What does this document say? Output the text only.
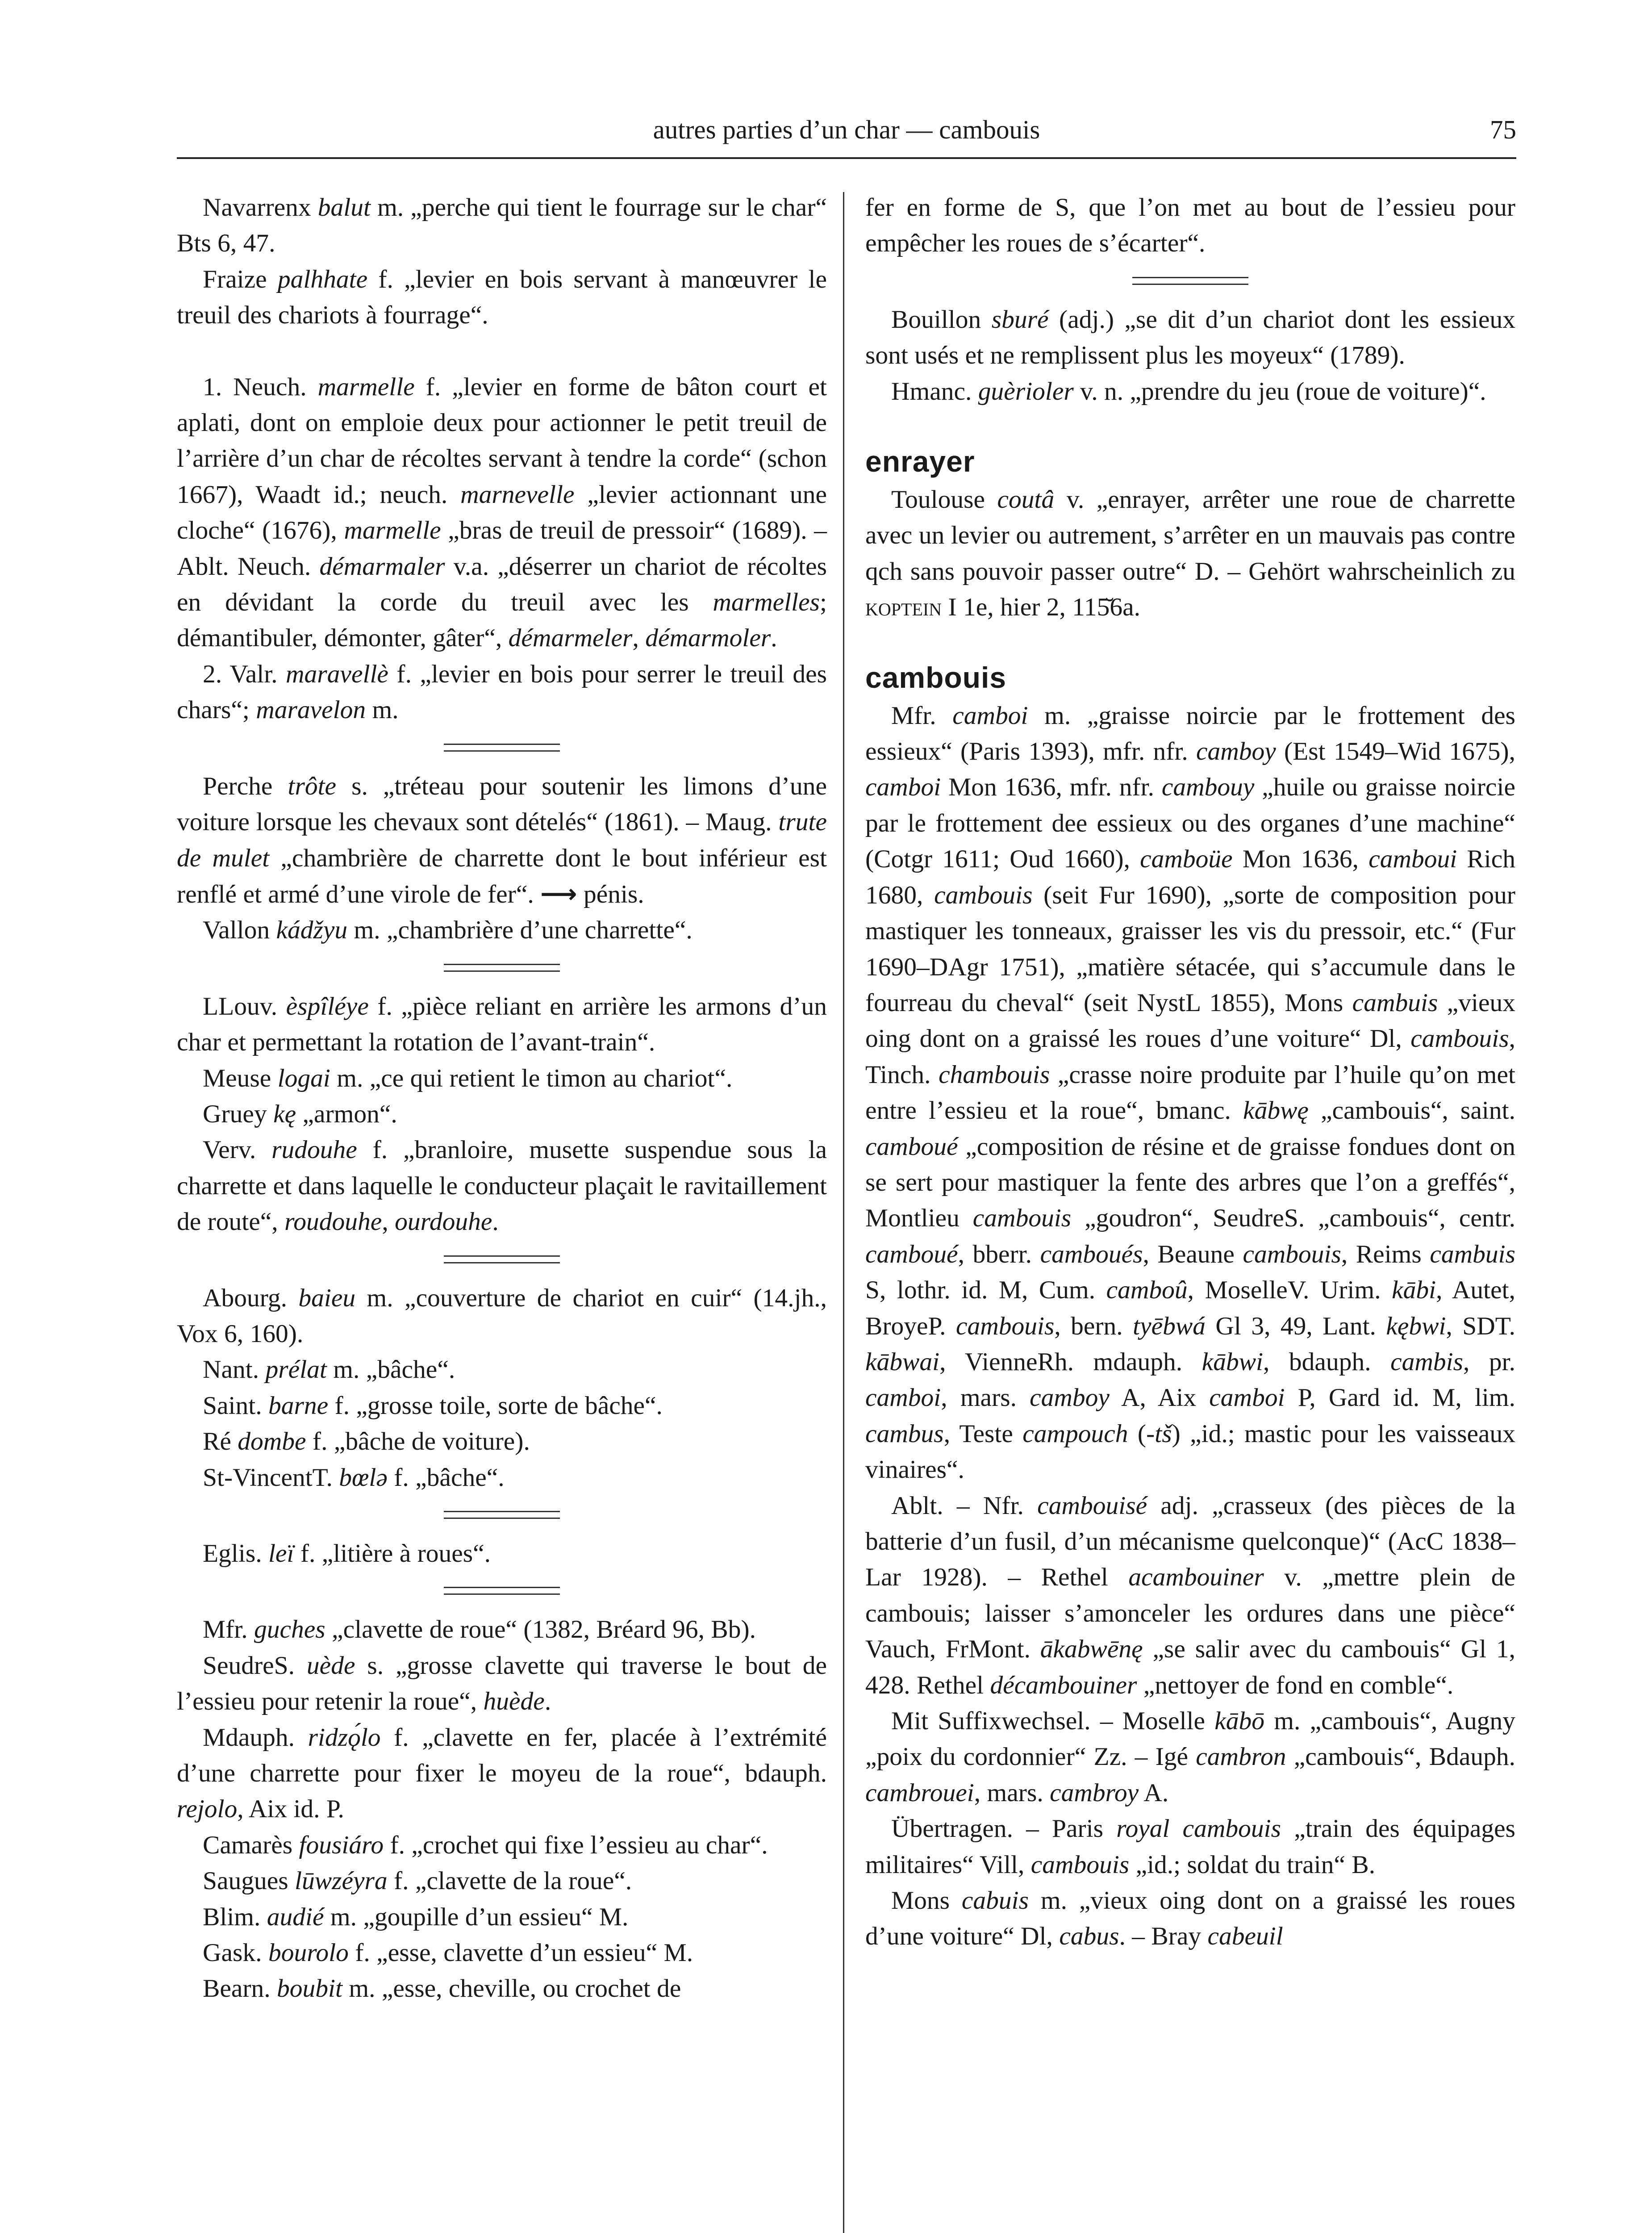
autres parties d’un char — cambouis	75

Navarrenx balut m. „perche qui tient le fourrage sur le char“ Bts 6, 47.

Fraize palhhate f. „levier en bois servant à manœuvrer le treuil des chariots à fourrage“.

1. Neuch. marmelle f. „levier en forme de bâton court et aplati, dont on emploie deux pour actionner le petit treuil de l’arrière d’un char de récoltes servant à tendre la corde“ (schon 1667), Waadt id.; neuch. marnevelle „levier actionnant une cloche“ (1676), marmelle „bras de treuil de pressoir“ (1689). – Ablt. Neuch. démarmaler v.a. „déserrer un chariot de récoltes en dévidant la corde du treuil avec les marmelles; démantibuler, démonter, gâter“, démarmeler, démarmoler.

2. Valr. maravellè f. „levier en bois pour serrer le treuil des chars“; maravelon m.

Perche trôte s. „tréteau pour soutenir les limons d’une voiture lorsque les chevaux sont dételés“ (1861). – Maug. trute de mulet „chambrière de charrette dont le bout inférieur est renflé et armé d’une virole de fer“. ⟶ pénis.

Vallon kádžyu m. „chambrière d’une charrette“.

LLouv. èspîléye f. „pièce reliant en arrière les armons d’un char et permettant la rotation de l’avant-train“.

Meuse logai m. „ce qui retient le timon au chariot“.

Gruey kę „armon“.

Verv. rudouhe f. „branloire, musette suspendue sous la charrette et dans laquelle le conducteur plaçait le ravitaillement de route“, roudouhe, ourdouhe.

Abourg. baieu m. „couverture de chariot en cuir“ (14.jh., Vox 6, 160).

Nant. prélat m. „bâche“.

Saint. barne f. „grosse toile, sorte de bâche“.

Ré dombe f. „bâche de voiture).

St-VincentT. bœlə f. „bâche“.

Eglis. leï f. „litière à roues“.

Mfr. guches „clavette de roue“ (1382, Bréard 96, Bb).

SeudreS. uède s. „grosse clavette qui traverse le bout de l’essieu pour retenir la roue“, huède.

Mdauph. ridzǫ́lo f. „clavette en fer, placée à l’extrémité d’une charrette pour fixer le moyeu de la roue“, bdauph. rejolo, Aix id. P.

Camarès fousiáro f. „crochet qui fixe l’essieu au char“.

Saugues lūwzéyra f. „clavette de la roue“.

Blim. audié m. „goupille d’un essieu“ M.

Gask. bourolo f. „esse, clavette d’un essieu“ M.

Bearn. boubit m. „esse, cheville, ou crochet de

fer en forme de S, que l’on met au bout de l’essieu pour empêcher les roues de s’écarter“.

Bouillon sburé (adj.) „se dit d’un chariot dont les essieux sont usés et ne remplissent plus les moyeux“ (1789).

Hmanc. guèrioler v. n. „prendre du jeu (roue de voiture)“.

enrayer

Toulouse coutâ v. „enrayer, arrêter une roue de charrette avec un levier ou autrement, s’arrêter en un mauvais pas contre qch sans pouvoir passer outre“ D. – Gehört wahrscheinlich zu koptein I 1e, hier 2, 115̆6a.

cambouis

Mfr. camboi m. „graisse noircie par le frottement des essieux“ (Paris 1393), mfr. nfr. camboy (Est 1549–Wid 1675), camboi Mon 1636, mfr. nfr. cambouy „huile ou graisse noircie par le frottement dee essieux ou des organes d’une machine“ (Cotgr 1611; Oud 1660), camboüe Mon 1636, camboui Rich 1680, cambouis (seit Fur 1690), „sorte de composition pour mastiquer les tonneaux, graisser les vis du pressoir, etc.“ (Fur 1690–DAgr 1751), „matière sétacée, qui s’accumule dans le fourreau du cheval“ (seit NystL 1855), Mons cambuis „vieux oing dont on a graissé les roues d’une voiture“ Dl, cambouis, Tinch. chambouis „crasse noire produite par l’huile qu’on met entre l’essieu et la roue“, bmanc. kābwę „cambouis“, saint. camboué „composition de résine et de graisse fondues dont on se sert pour mastiquer la fente des arbres que l’on a greffés“, Montlieu cambouis „goudron“, SeudreS. „cambouis“, centr. camboué, bberr. camboués, Beaune cambouis, Reims cambuis S, lothr. id. M, Cum. camboû, MoselleV. Urim. kābi, Autet, BroyeP. cambouis, bern. tyēbwá Gl 3, 49, Lant. kębwi, SDT. kābwai, VienneRh. mdauph. kābwi, bdauph. cambis, pr. camboi, mars. camboy A, Aix camboi P, Gard id. M, lim. cambus, Teste campouch (-tš) „id.; mastic pour les vaisseaux vinaires“.

Ablt. – Nfr. cambouisé adj. „crasseux (des pièces de la batterie d’un fusil, d’un mécanisme quelconque)“ (AcC 1838–Lar 1928). – Rethel acambouiner v. „mettre plein de cambouis; laisser s’amonceler les ordures dans une pièce“ Vauch, FrMont. ākabwēnę „se salir avec du cambouis“ Gl 1, 428. Rethel décambouiner „nettoyer de fond en comble“.

Mit Suffixwechsel. – Moselle kābō m. „cambouis“, Augny „poix du cordonnier“ Zz. – Igé cambron „cambouis“, Bdauph. cambrouei, mars. cambroy A.

Übertragen. – Paris royal cambouis „train des équipages militaires“ Vill, cambouis „id.; soldat du train“ B.

Mons cabuis m. „vieux oing dont on a graissé les roues d’une voiture“ Dl, cabus. – Bray cabeuil
